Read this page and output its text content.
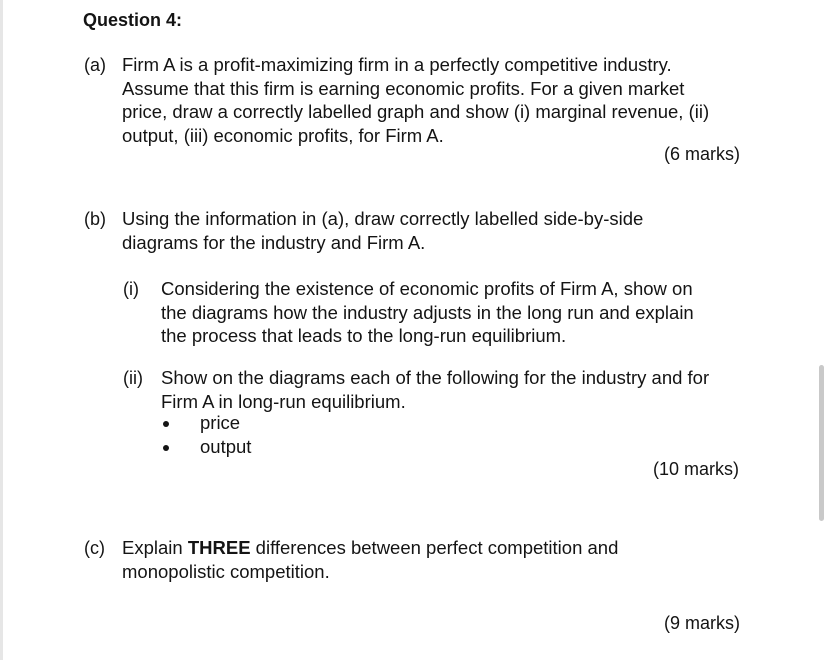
Question 4:
(a) Firm A is a profit-maximizing firm in a perfectly competitive industry.
Assume that this firm is earning economic profits. For a given market
price, draw a correctly labelled graph and show (i) marginal revenue, (ii)
output, (iii) economic profits, for Firm A.
(6 marks)
(b) Using the information in (a), draw correctly labelled side-by-side
diagrams for the industry and Firm A.
(i) Considering the existence of economic profits of Firm A, show on
the diagrams how the industry adjusts in the long run and explain
the process that leads to the long-run equilibrium.
(ii) Show on the diagrams each of the following for the industry and for
Firm A in long-run equilibrium.
price
output
(10 marks)
(c) Explain THREE differences between perfect competition and
monopolistic competition.
(9 marks)
